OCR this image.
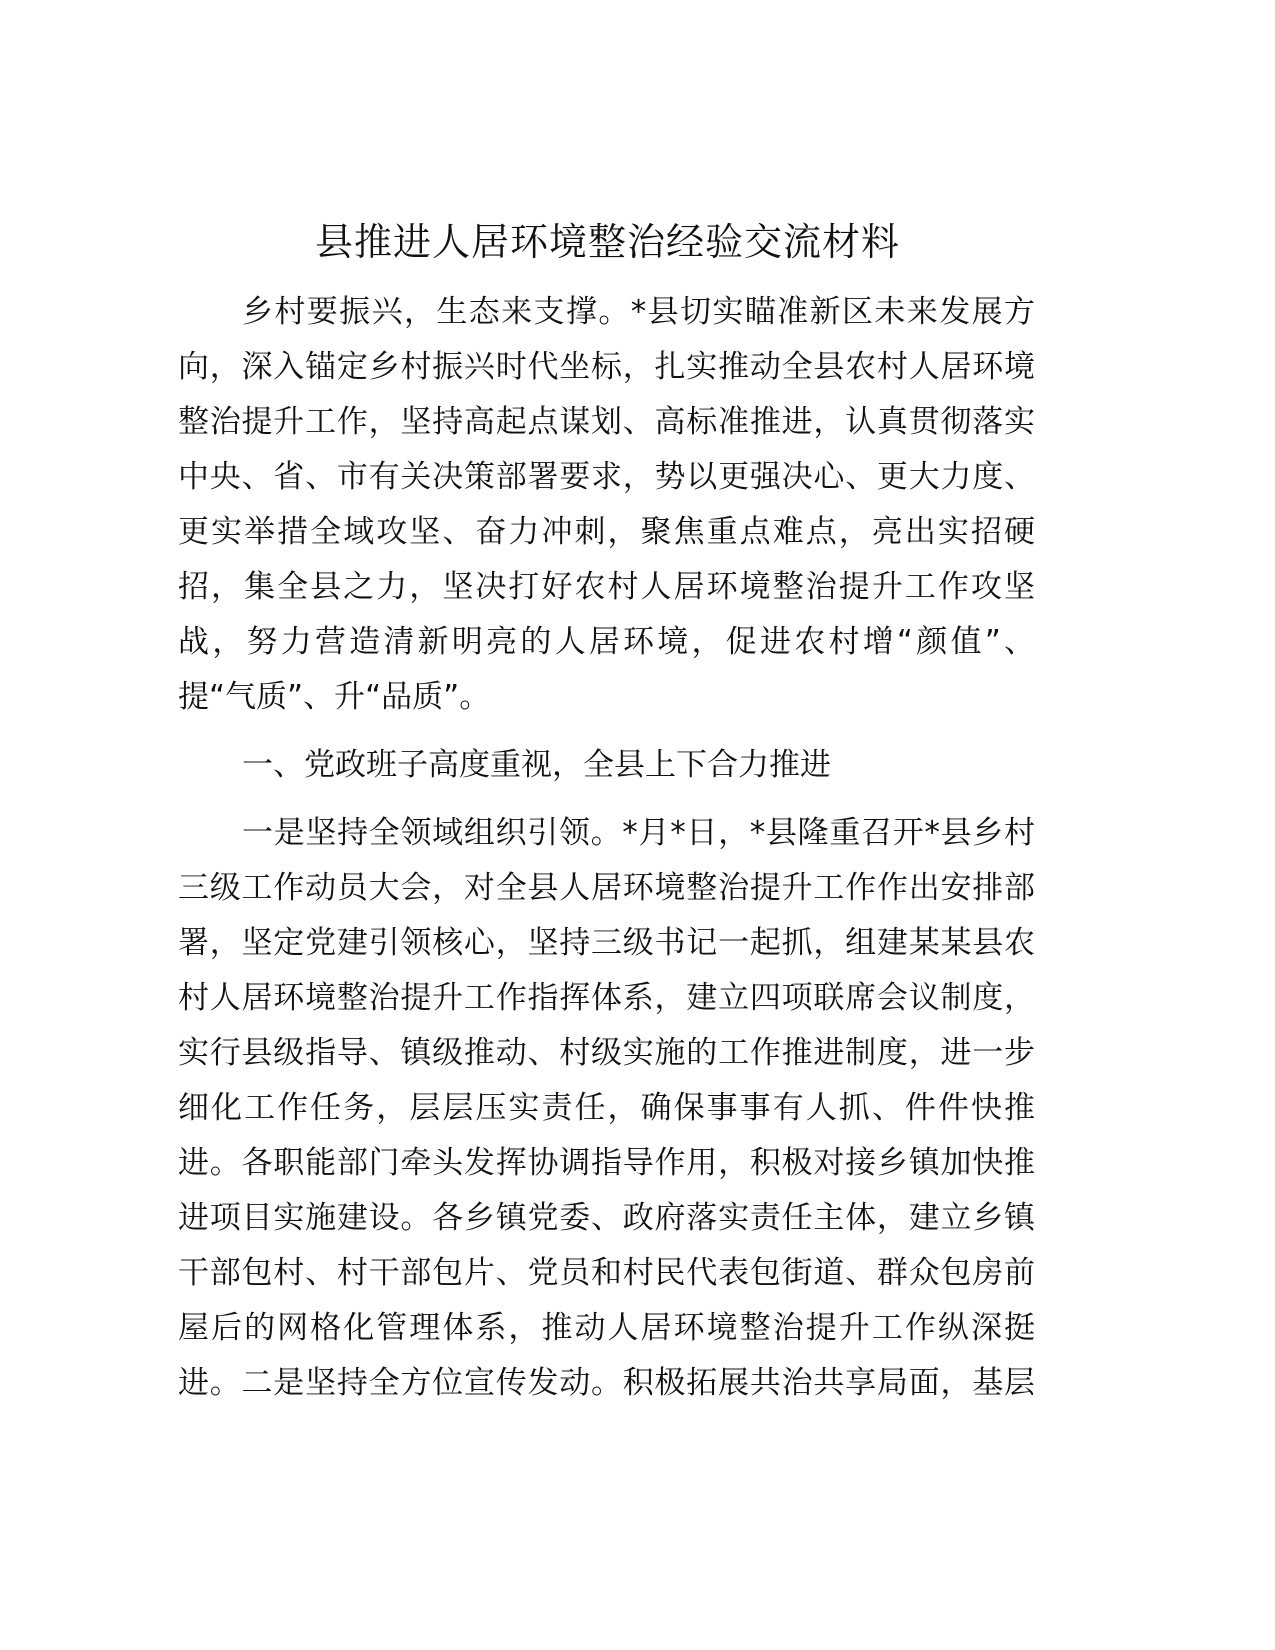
县推进人居环境整治经验交流材料
乡村要振兴，生态来支撑。*县切实瞄准新区未来发展方
向，深入锚定乡村振兴时代坐标，扎实推动全县农村人居环境
整治提升工作，坚持高起点谋划、高标准推进，认真贯彻落实
中央、省、市有关决策部署要求，势以更强决心、更大力度、
更实举措全域攻坚、奋力冲刺，聚焦重点难点，亮出实招硬
招，集全县之力，坚决打好农村人居环境整治提升工作攻坚
战，努力营造清新明亮的人居环境，促进农村增“颜值”、
提“气质”、升“品质”。
一、党政班子高度重视，全县上下合力推进
一是坚持全领域组织引领。*月*日，*县隆重召开*县乡村
三级工作动员大会，对全县人居环境整治提升工作作出安排部
署，坚定党建引领核心，坚持三级书记一起抓，组建某某县农
村人居环境整治提升工作指挥体系，建立四项联席会议制度，
实行县级指导、镇级推动、村级实施的工作推进制度，进一步
细化工作任务，层层压实责任，确保事事有人抓、件件快推
进。各职能部门牵头发挥协调指导作用，积极对接乡镇加快推
进项目实施建设。各乡镇党委、政府落实责任主体，建立乡镇
干部包村、村干部包片、党员和村民代表包街道、群众包房前
屋后的网格化管理体系，推动人居环境整治提升工作纵深挺
进。二是坚持全方位宣传发动。积极拓展共治共享局面，基层
